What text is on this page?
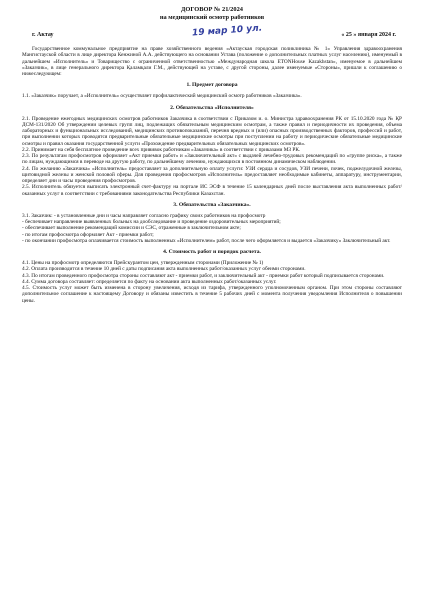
ДОГОВОР № 21/2024
на медицинский осмотр работников
г. Актау	19 мар 10 ул.	« 25 » января 2024 г.

Государственное коммунальное предприятие на праве хозяйственного ведения «Актауская городская поликлиника № 1» Управления здравоохранения Мангистауской области в лице директора Кенжиной А.А. действующего на основании Устава (положение о дополнительных платных услуг населению), именуемый в дальнейшем «Исполнитель» и Товарищество с ограниченной ответственностью «Международная школа ETONHouse Kazakhstan», именуемое в дальнейшем «Заказчик», в лице генерального директора Қаламқали Г.М., действующей на уставе, с другой стороны, далее именуемые «Стороны», пришли к соглашению о нижеследующем:

1. Предмет договора

1.1. «Заказчик» поручает, а «Исполнитель» осуществляет профилактический медицинский осмотр работников «Заказчика».

2. Обязательства «Исполнителя»

2.1. Проведение ежегодных медицинских осмотров работников Заказчика в соответствии с Приказом и. о. Министра здравоохранения РК от 15.10.2020 года № ҚР ДСМ-131/2020 Об утверждении целевых групп лиц, подлежащих обязательным медицинским осмотрам, а также правил и периодичности их проведения, объема лабораторных и функциональных исследований, медицинских противопоказаний, перечня вредных и (или) опасных производственных факторов, профессий и работ, при выполнении которых проводятся предварительные обязательные медицинские осмотры при поступлении на работу и периодические обязательные медицинские осмотры и правил оказания государственной услуги «Прохождение предварительных обязательных медицинских осмотров».

2.2. Принимает на себя бесплатное проведение всех прививок работникам «Заказчика» в соответствии с приказами МЗ РК.

2.3. По результатам профосмотров оформляет «Акт приемки работ» и «Заключительный акт» с выдачей лечебно-трудовых рекомендаций по «группе риска», а также по лицам, нуждающимся в переводе на другую работу, по дальнейшему лечению, нуждающихся в постоянном динамическом наблюдении.

2.4. По желанию «Заказчика» «Исполнитель» предоставляет за дополнительную оплату услуги: УЗИ сердца и сосудов, УЗИ печени, почек, поджелудочной железы, щитовидной железы и женской половой сферы. Для проведения профосмотров «Исполнитель» предоставляет необходимые кабинеты, аппаратуру, инструментарии, определяет дни и часы проведения профосмотров.

2.5. Исполнитель обязуется выписать электронный счет-фактуру на портале ИС ЭСФ в течение 15 календарных дней после выставления акта выполненных работ/оказанных услуг в соответствии с требованиями законодательства Республики Казахстан.

3. Обязательства «Заказчика».

3.1. Заказчик: - в установленные дни и часы направляет согласно графику своих работников на профосмотр

- беспечивает направление выявленных больных на дообследование и проведение оздоровительных мероприятий;

- обеспечивает выполнение рекомендаций комиссии и СЭС, отраженные в заключительном акте;

- по итогам профосмотра оформляет Акт - приемки работ;

- по окончании профосмотра оплачивается стоимость выполненных «Исполнителем» работ, после чего оформляется и выдается «Заказчику» Заключительный акт.

4. Стоимость работ и порядок расчета.

4.1. Цены на профосмотр определяются Прейскурантом цен, утвержденным сторонами (Приложение № 1)

4.2. Оплата производится в течение 10 дней с даты подписания акта выполненных работ/оказанных услуг обеими сторонами.

4.3. По итогам проведенного профосмотра стороны составляют акт - приемки работ, и заключительный акт - приемки работ который подписывается сторонами.

4.4. Сумма договора составляет: определяется по факту на основании акта выполненных работ/оказанных услуг.

4.5. Стоимость услуг может быть изменена в сторону увеличения, исходя из тарифа, утвержденного уполномоченным органом. При этом стороны составляют дополнительное соглашение к настоящему Договору и обязаны известить в течение 5 рабочих дней с момента получения уведомления Исполнителя о повышении цены.
